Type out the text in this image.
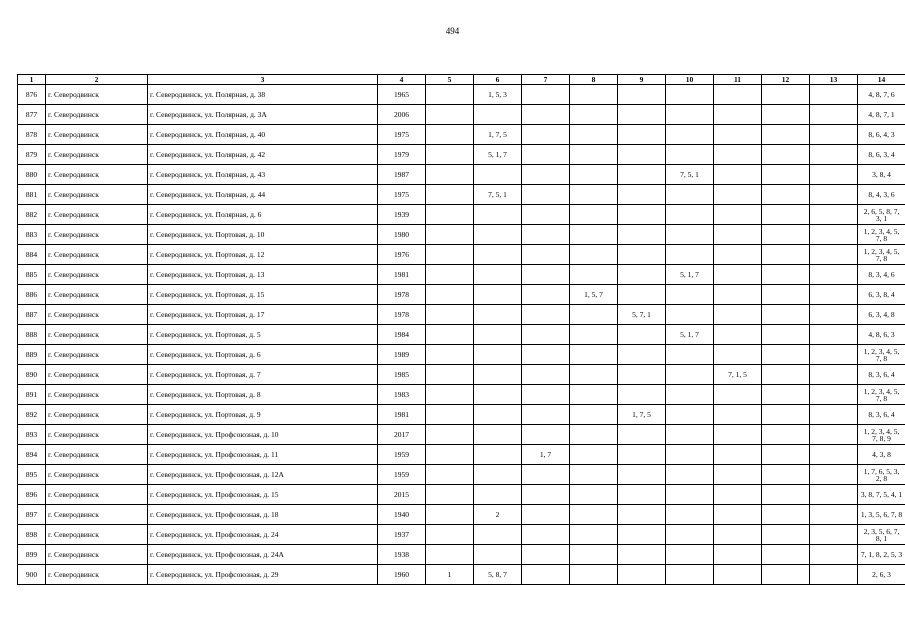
494
1	2	3	4	5	6	7	8	9	10	11	12	13	14
876	г. Северодвинск	г. Северодвинск, ул. Полярная, д. 38	1965		1, 5, 3								4, 8, 7, 6
877	г. Северодвинск	г. Северодвинск, ул. Полярная, д. 3А	2006										4, 8, 7, 1
878	г. Северодвинск	г. Северодвинск, ул. Полярная, д. 40	1975		1, 7, 5								8, 6, 4, 3
879	г. Северодвинск	г. Северодвинск, ул. Полярная, д. 42	1979		5, 1, 7								8, 6, 3, 4
880	г. Северодвинск	г. Северодвинск, ул. Полярная, д. 43	1987						7, 5, 1				3, 8, 4
881	г. Северодвинск	г. Северодвинск, ул. Полярная, д. 44	1975		7, 5, 1								8, 4, 3, 6
882	г. Северодвинск	г. Северодвинск, ул. Полярная, д. 6	1939										2, 6, 5, 8, 7, 3, 1
883	г. Северодвинск	г. Северодвинск, ул. Портовая, д. 10	1980										1, 2, 3, 4, 5, 7, 8
884	г. Северодвинск	г. Северодвинск, ул. Портовая, д. 12	1976										1, 2, 3, 4, 5, 7, 8
885	г. Северодвинск	г. Северодвинск, ул. Портовая, д. 13	1981						5, 1, 7				8, 3, 4, 6
886	г. Северодвинск	г. Северодвинск, ул. Портовая, д. 15	1978				1, 5, 7						6, 3, 8, 4
887	г. Северодвинск	г. Северодвинск, ул. Портовая, д. 17	1978					5, 7, 1					6, 3, 4, 8
888	г. Северодвинск	г. Северодвинск, ул. Портовая, д. 5	1984						5, 1, 7				4, 8, 6, 3
889	г. Северодвинск	г. Северодвинск, ул. Портовая, д. 6	1989										1, 2, 3, 4, 5, 7, 8
890	г. Северодвинск	г. Северодвинск, ул. Портовая, д. 7	1985							7, 1, 5			8, 3, 6, 4
891	г. Северодвинск	г. Северодвинск, ул. Портовая, д. 8	1983										1, 2, 3, 4, 5, 7, 8
892	г. Северодвинск	г. Северодвинск, ул. Портовая, д. 9	1981					1, 7, 5					8, 3, 6, 4
893	г. Северодвинск	г. Северодвинск, ул. Профсоюзная, д. 10	2017										1, 2, 3, 4, 5, 7, 8, 9
894	г. Северодвинск	г. Северодвинск, ул. Профсоюзная, д. 11	1959			1, 7							4, 3, 8
895	г. Северодвинск	г. Северодвинск, ул. Профсоюзная, д. 12А	1959										1, 7, 6, 5, 3, 2, 8
896	г. Северодвинск	г. Северодвинск, ул. Профсоюзная, д. 15	2015										3, 8, 7, 5, 4, 1
897	г. Северодвинск	г. Северодвинск, ул. Профсоюзная, д. 18	1940		2								1, 3, 5, 6, 7, 8
898	г. Северодвинск	г. Северодвинск, ул. Профсоюзная, д. 24	1937										2, 3, 5, 6, 7, 8, 1
899	г. Северодвинск	г. Северодвинск, ул. Профсоюзная, д. 24А	1938										7, 1, 8, 2, 5, 3
900	г. Северодвинск	г. Северодвинск, ул. Профсоюзная, д. 29	1960	1	5, 8, 7								2, 6, 3
